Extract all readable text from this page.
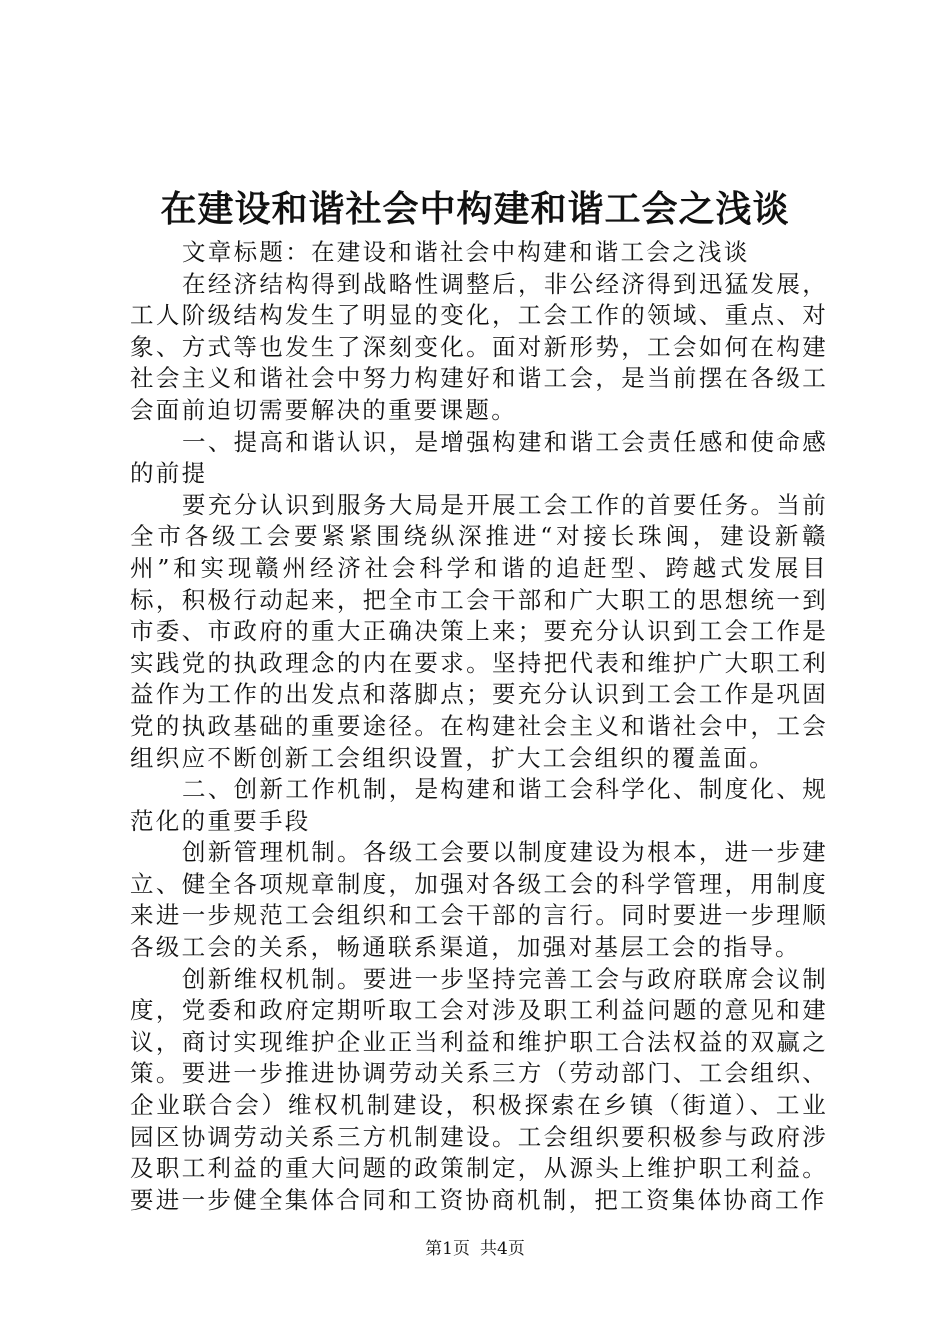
在建设和谐社会中构建和谐工会之浅谈

文章标题：在建设和谐社会中构建和谐工会之浅谈

在经济结构得到战略性调整后，非公经济得到迅猛发展，工人阶级结构发生了明显的变化，工会工作的领域、重点、对象、方式等也发生了深刻变化。面对新形势，工会如何在构建社会主义和谐社会中努力构建好和谐工会，是当前摆在各级工会面前迫切需要解决的重要课题。

一、提高和谐认识，是增强构建和谐工会责任感和使命感的前提

要充分认识到服务大局是开展工会工作的首要任务。当前全市各级工会要紧紧围绕纵深推进“对接长珠闽，建设新赣州”和实现赣州经济社会科学和谐的追赶型、跨越式发展目标，积极行动起来，把全市工会干部和广大职工的思想统一到市委、市政府的重大正确决策上来；要充分认识到工会工作是实践党的执政理念的内在要求。坚持把代表和维护广大职工利益作为工作的出发点和落脚点；要充分认识到工会工作是巩固党的执政基础的重要途径。在构建社会主义和谐社会中，工会组织应不断创新工会组织设置，扩大工会组织的覆盖面。

二、创新工作机制，是构建和谐工会科学化、制度化、规范化的重要手段

创新管理机制。各级工会要以制度建设为根本，进一步建立、健全各项规章制度，加强对各级工会的科学管理，用制度来进一步规范工会组织和工会干部的言行。同时要进一步理顺各级工会的关系，畅通联系渠道，加强对基层工会的指导。

创新维权机制。要进一步坚持完善工会与政府联席会议制度，党委和政府定期听取工会对涉及职工利益问题的意见和建议，商讨实现维护企业正当利益和维护职工合法权益的双赢之策。要进一步推进协调劳动关系三方（劳动部门、工会组织、企业联合会）维权机制建设，积极探索在乡镇（街道）、工业园区协调劳动关系三方机制建设。工会组织要积极参与政府涉及职工利益的重大问题的政策制定，从源头上维护职工利益。要进一步健全集体合同和工资协商机制，把工资集体协商工作

第1页 共4页
